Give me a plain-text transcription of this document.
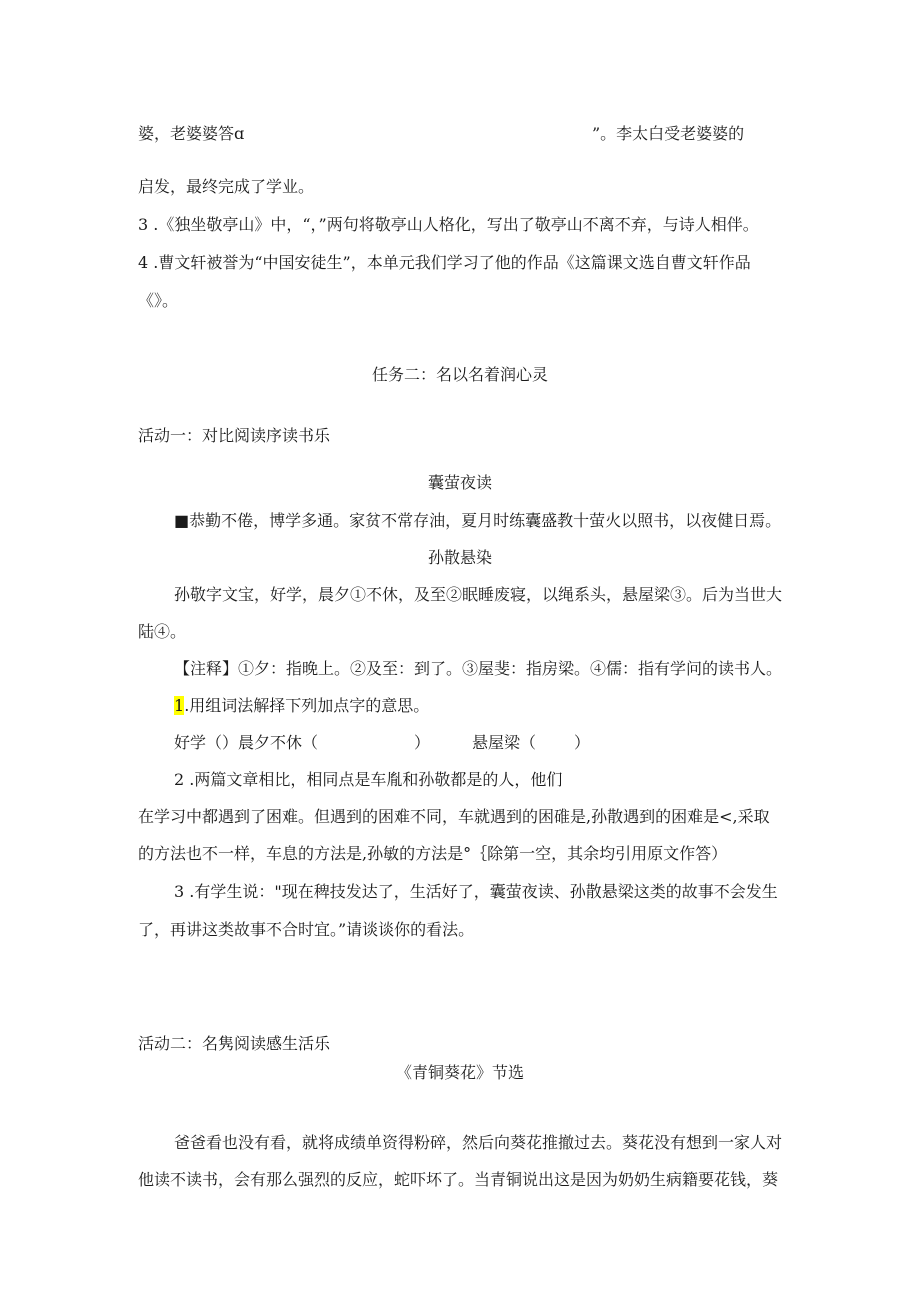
婆，老婆婆答ɑ	”。李太白受老婆婆的
启发，最终完成了学业。
3 .《独坐敬亭山》中，“，”两句将敬亭山人格化，写出了敬亭山不离不弃，与诗人相伴。
4 .曹文轩被誉为“中国安徒生”，本单元我们学习了他的作品《这篇课文选自曹文轩作品
《》。
任务二：名以名着润心灵
活动一：对比阅读序读书乐
囊萤夜读
■恭勤不倦，博学多通。家贫不常存油，夏月时练囊盛教十萤火以照书，以夜健日焉。
孙散悬染
孙敬字文宝，好学，晨夕①不休，及至②眠睡废寝，以绳系头，悬屋梁③。后为当世大
陆④。
【注释】①夕：指晚上。②及至：到了。③屋斐：指房梁。④儒：指有学问的读书人。
1.用组词法解择下列加点字的意思。
好学（）晨夕不休（	）	悬屋梁（ ）
2 .两篇文章相比，相同点是车胤和孙敬都是的人，他们
在学习中都遇到了困难。但遇到的困难不同，车就遇到的困碓是,孙散遇到的困难是<,采取
的方法也不一样，车息的方法是,孙敏的方法是°｛除第一空，其余均引用原文作答）
3 .有学生说："现在稗技发达了，生活好了，囊萤夜读、孙散悬梁这类的故事不会发生
了，再讲这类故事不合时宜。”请谈谈你的看法。
活动二：名隽阅读感生活乐
《青铜葵花》节选
爸爸看也没有看，就将成绩单资得粉碎，然后向葵花推撤过去。葵花没有想到一家人对
他读不读书，会有那么强烈的反应，蛇吓坏了。当青铜说出这是因为奶奶生病籍要花钱，葵
